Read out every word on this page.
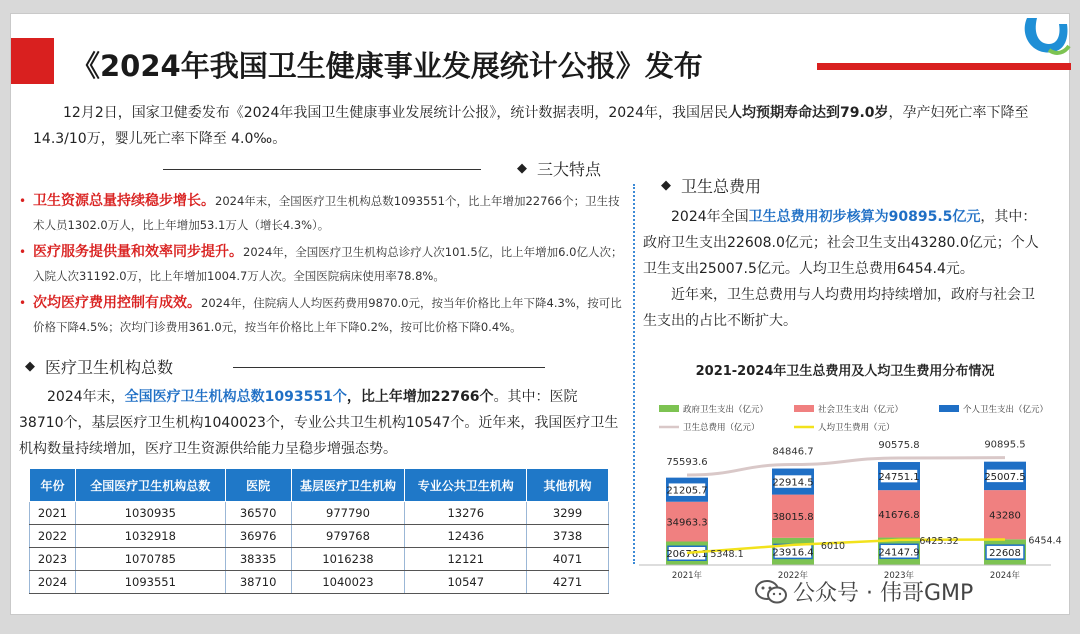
《2024年我国卫生健康事业发展统计公报》发布
12月2日，国家卫健委发布《2024年我国卫生健康事业发展统计公报》，统计数据表明，2024年，我国居民人均预期寿命达到79.0岁，孕产妇死亡率下降至14.3/10万，婴儿死亡率下降至 4.0‰。
◆ 三大特点
• 卫生资源总量持续稳步增长。2024年末，全国医疗卫生机构总数1093551个，比上年增加22766个；卫生技术人员1302.0万人，比上年增加53.1万人（增长4.3%）。
• 医疗服务提供量和效率同步提升。2024年，全国医疗卫生机构总诊疗人次101.5亿，比上年增加6.0亿人次；入院人次31192.0万，比上年增加1004.7万人次。全国医院病床使用率78.8%。
• 次均医疗费用控制有成效。2024年，住院病人人均医药费用9870.0元，按当年价格比上年下降4.3%，按可比价格下降4.5%；次均门诊费用361.0元，按当年价格比上年下降0.2%，按可比价格下降0.4%。
◆ 医疗卫生机构总数
2024年末，全国医疗卫生机构总数1093551个，比上年增加22766个。其中：医院38710个，基层医疗卫生机构1040023个，专业公共卫生机构10547个。近年来，我国医疗卫生机构数量持续增加，医疗卫生资源供给能力呈稳步增强态势。
年份	全国医疗卫生机构总数	医院	基层医疗卫生机构	专业公共卫生机构	其他机构
2021	1030935	36570	977790	13276	3299
2022	1032918	36976	979768	12436	3738
2023	1070785	38335	1016238	12121	4071
2024	1093551	38710	1040023	10547	4271
◆ 卫生总费用
2024年全国卫生总费用初步核算为90895.5亿元，其中：政府卫生支出22608.0亿元；社会卫生支出43280.0亿元；个人卫生支出25007.5亿元。人均卫生总费用6454.4元。
近年来，卫生总费用与人均费用均持续增加，政府与社会卫生支出的占比不断扩大。
2021-2024年卫生总费用及人均卫生费用分布情况
政府卫生支出（亿元）	社会卫生支出（亿元）	个人卫生支出（亿元）
卫生总费用（亿元）	人均卫生费用（元）
20676.1
34963.3
21205.7
75593.6
2021年
23916.4
38015.8
22914.5
84846.7
2022年
24147.9
41676.8
24751.1
90575.8
2023年
22608
43280
25007.5
90895.5
2024年
5348.1
6010	6425.32	6454.4
公众号 · 伟哥GMP
